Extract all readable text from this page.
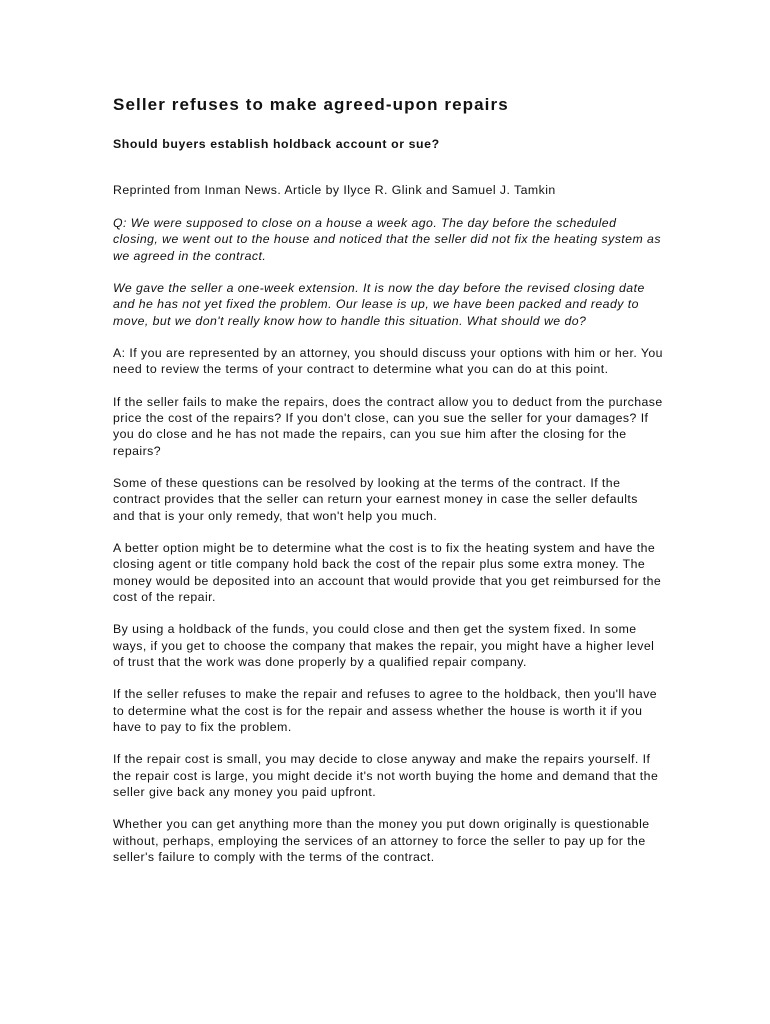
Seller refuses to make agreed-upon repairs
Should buyers establish holdback account or sue?

Reprinted from Inman News. Article by Ilyce R. Glink and Samuel J. Tamkin

Q: We were supposed to close on a house a week ago. The day before the scheduled closing, we went out to the house and noticed that the seller did not fix the heating system as we agreed in the contract.

We gave the seller a one-week extension. It is now the day before the revised closing date and he has not yet fixed the problem. Our lease is up, we have been packed and ready to move, but we don't really know how to handle this situation. What should we do?

A: If you are represented by an attorney, you should discuss your options with him or her. You need to review the terms of your contract to determine what you can do at this point.

If the seller fails to make the repairs, does the contract allow you to deduct from the purchase price the cost of the repairs? If you don't close, can you sue the seller for your damages? If you do close and he has not made the repairs, can you sue him after the closing for the repairs?

Some of these questions can be resolved by looking at the terms of the contract. If the contract provides that the seller can return your earnest money in case the seller defaults and that is your only remedy, that won't help you much.

A better option might be to determine what the cost is to fix the heating system and have the closing agent or title company hold back the cost of the repair plus some extra money. The money would be deposited into an account that would provide that you get reimbursed for the cost of the repair.

By using a holdback of the funds, you could close and then get the system fixed. In some ways, if you get to choose the company that makes the repair, you might have a higher level of trust that the work was done properly by a qualified repair company.

If the seller refuses to make the repair and refuses to agree to the holdback, then you'll have to determine what the cost is for the repair and assess whether the house is worth it if you have to pay to fix the problem.

If the repair cost is small, you may decide to close anyway and make the repairs yourself. If the repair cost is large, you might decide it's not worth buying the home and demand that the seller give back any money you paid upfront.

Whether you can get anything more than the money you put down originally is questionable without, perhaps, employing the services of an attorney to force the seller to pay up for the seller's failure to comply with the terms of the contract.
